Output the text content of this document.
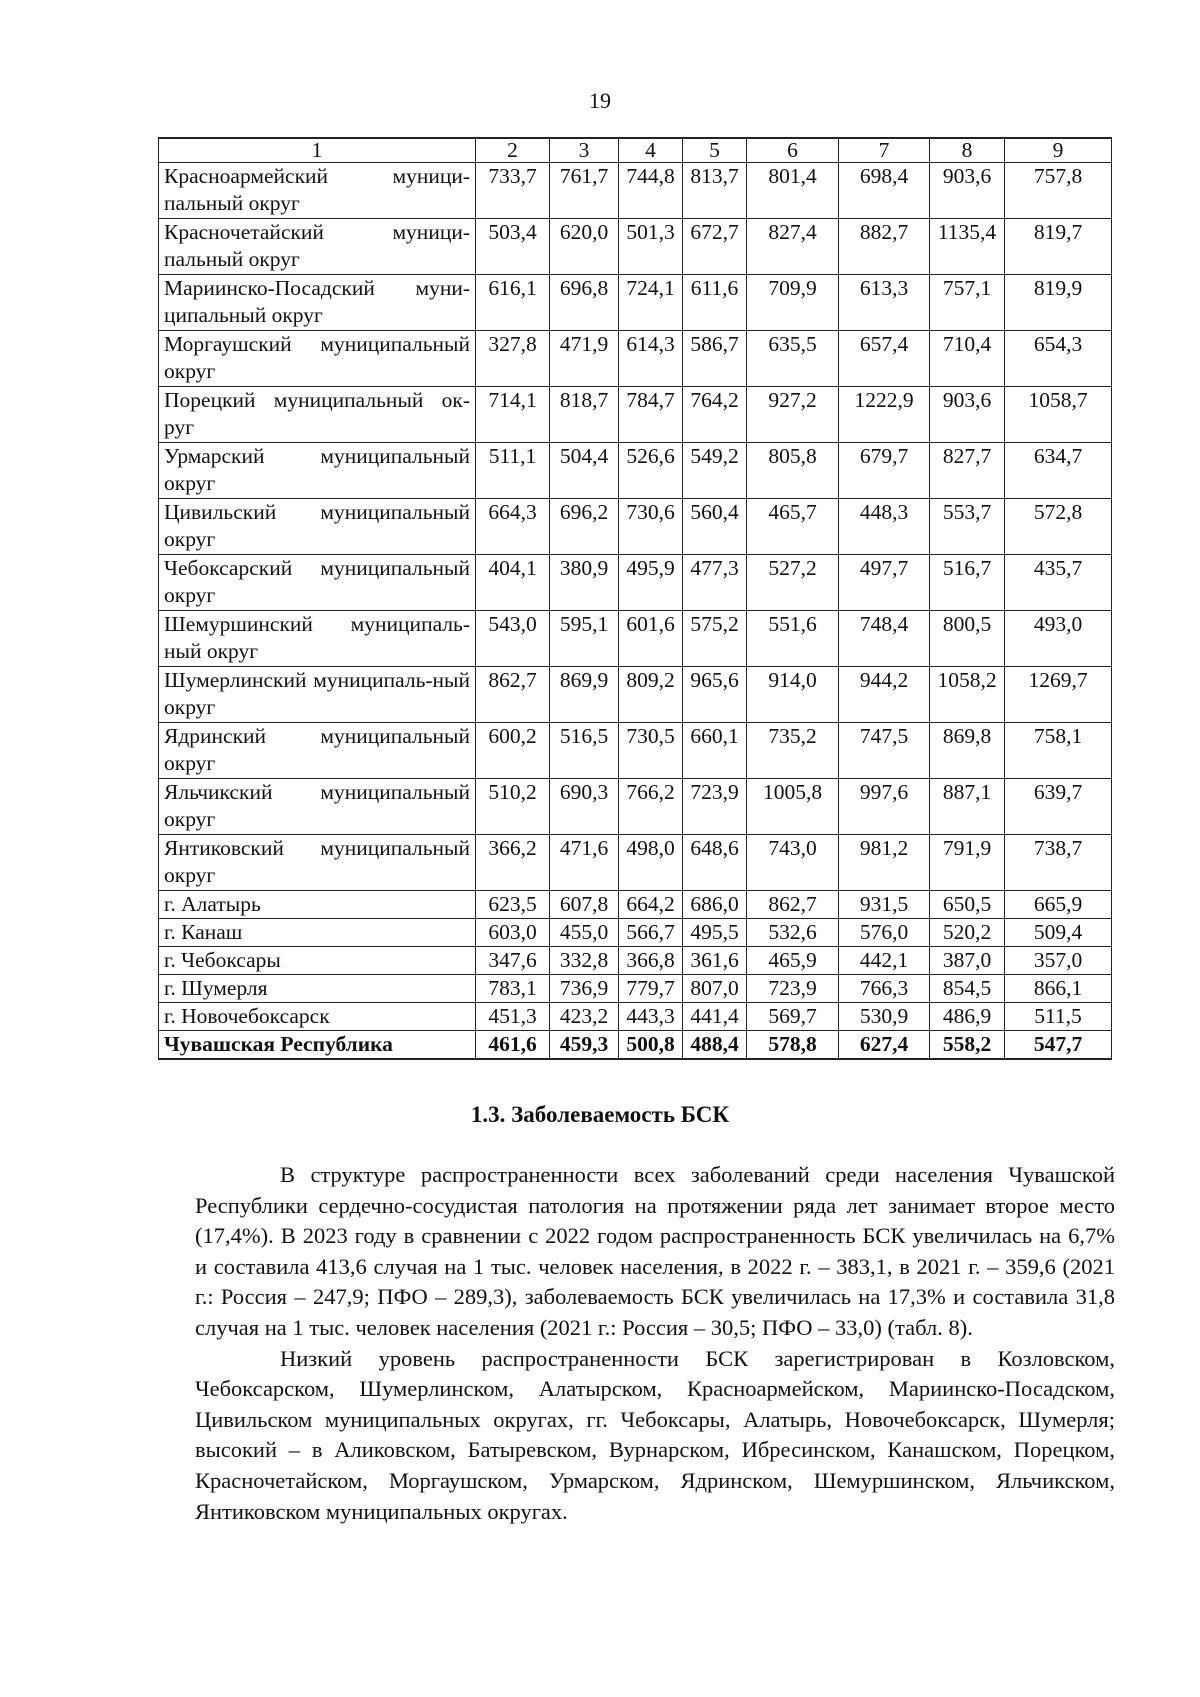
19
1	2	3	4	5	6	7	8	9
Красноармейский муници-пальный округ	733,7	761,7	744,8	813,7	801,4	698,4	903,6	757,8
Красночетайский муници-пальный округ	503,4	620,0	501,3	672,7	827,4	882,7	1135,4	819,7
Мариинско-Посадский муни-ципальный округ	616,1	696,8	724,1	611,6	709,9	613,3	757,1	819,9
Моргаушский муниципальный округ	327,8	471,9	614,3	586,7	635,5	657,4	710,4	654,3
Порецкий муниципальный ок-руг	714,1	818,7	784,7	764,2	927,2	1222,9	903,6	1058,7
Урмарский муниципальный округ	511,1	504,4	526,6	549,2	805,8	679,7	827,7	634,7
Цивильский муниципальный округ	664,3	696,2	730,6	560,4	465,7	448,3	553,7	572,8
Чебоксарский муниципальный округ	404,1	380,9	495,9	477,3	527,2	497,7	516,7	435,7
Шемуршинский муниципаль-ный округ	543,0	595,1	601,6	575,2	551,6	748,4	800,5	493,0
Шумерлинский муниципаль-ный округ	862,7	869,9	809,2	965,6	914,0	944,2	1058,2	1269,7
Ядринский муниципальный округ	600,2	516,5	730,5	660,1	735,2	747,5	869,8	758,1
Яльчикский муниципальный округ	510,2	690,3	766,2	723,9	1005,8	997,6	887,1	639,7
Янтиковский муниципальный округ	366,2	471,6	498,0	648,6	743,0	981,2	791,9	738,7
г. Алатырь	623,5	607,8	664,2	686,0	862,7	931,5	650,5	665,9
г. Канаш	603,0	455,0	566,7	495,5	532,6	576,0	520,2	509,4
г. Чебоксары	347,6	332,8	366,8	361,6	465,9	442,1	387,0	357,0
г. Шумерля	783,1	736,9	779,7	807,0	723,9	766,3	854,5	866,1
г. Новочебоксарск	451,3	423,2	443,3	441,4	569,7	530,9	486,9	511,5
Чувашская Республика	461,6	459,3	500,8	488,4	578,8	627,4	558,2	547,7
1.3. Заболеваемость БСК

В структуре распространенности всех заболеваний среди населения Чувашской Республики сердечно-сосудистая патология на протяжении ряда лет занимает второе место (17,4%). В 2023 году в сравнении с 2022 годом распространенность БСК увеличилась на 6,7% и составила 413,6 случая на 1 тыс. человек населения, в 2022 г. – 383,1, в 2021 г. – 359,6 (2021 г.: Россия – 247,9; ПФО – 289,3), заболеваемость БСК увеличилась на 17,3% и составила 31,8 случая на 1 тыс. человек населения (2021 г.: Россия – 30,5; ПФО – 33,0) (табл. 8).

Низкий уровень распространенности БСК зарегистрирован в Козловском, Чебоксарском, Шумерлинском, Алатырском, Красноармейском, Мариинско-Посадском, Цивильском муниципальных округах, гг. Чебоксары, Алатырь, Новочебоксарск, Шумерля; высокий – в Аликовском, Батыревском, Вурнарском, Ибресинском, Канашском, Порецком, Красночетайском, Моргаушском, Урмарском, Ядринском, Шемуршинском, Яльчикском, Янтиковском муниципальных округах.
